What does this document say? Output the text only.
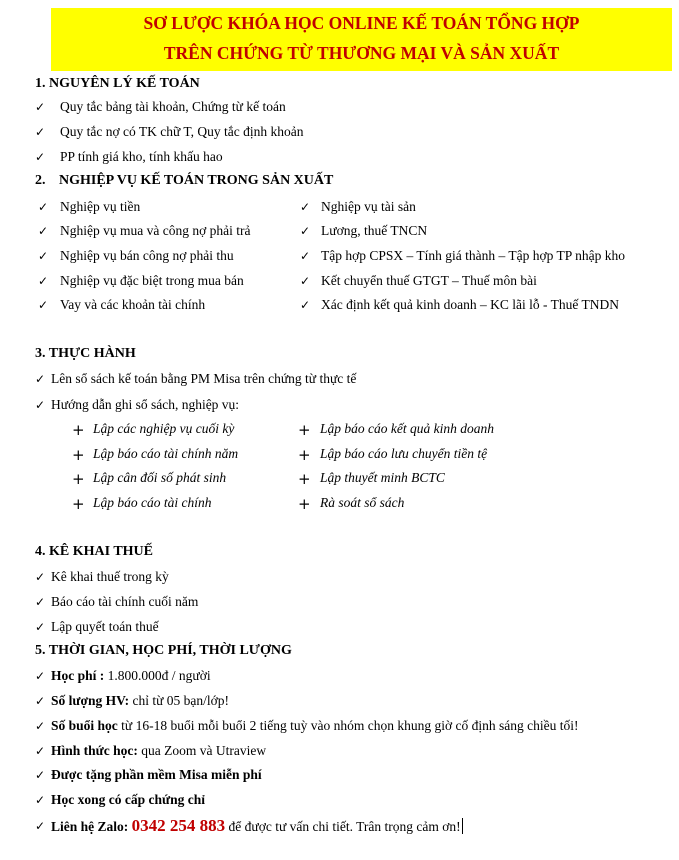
SƠ LƯỢC KHÓA HỌC ONLINE KẾ TOÁN TỔNG HỢP
TRÊN CHỨNG TỪ THƯƠNG MẠI VÀ SẢN XUẤT
1. NGUYÊN LÝ KẾ TOÁN
✓ Quy tắc bảng tài khoản, Chứng từ kế toán
✓ Quy tắc nợ có TK chữ T, Quy tắc định khoản
✓ PP tính giá kho, tính khấu hao
2. NGHIỆP VỤ KẾ TOÁN TRONG SẢN XUẤT
✓ Nghiệp vụ tiền
✓ Nghiệp vụ mua và công nợ phải trả
✓ Nghiệp vụ bán công nợ phải thu
✓ Nghiệp vụ đặc biệt trong mua bán
✓ Vay và các khoản tài chính
✓ Nghiệp vụ tài sản
✓ Lương, thuế TNCN
✓ Tập hợp CPSX – Tính giá thành – Tập hợp TP nhập kho
✓ Kết chuyển thuế GTGT – Thuế môn bài
✓ Xác định kết quả kinh doanh – KC lãi lỗ - Thuế TNDN
3. THỰC HÀNH
✓ Lên sổ sách kế toán bằng PM Misa trên chứng từ thực tế
✓ Hướng dẫn ghi sổ sách, nghiệp vụ:
+ Lập các nghiệp vụ cuối kỳ
+ Lập báo cáo tài chính năm
+ Lập cân đối số phát sinh
+ Lập báo cáo tài chính
+ Lập báo cáo kết quả kinh doanh
+ Lập báo cáo lưu chuyển tiền tệ
+ Lập thuyết minh BCTC
+ Rà soát sổ sách
4. KÊ KHAI THUẾ
✓ Kê khai thuế trong kỳ
✓ Báo cáo tài chính cuối năm
✓ Lập quyết toán thuế
5. THỜI GIAN, HỌC PHÍ, THỜI LƯỢNG
✓ Học phí : 1.800.000đ / người
✓ Số lượng HV: chỉ từ 05 bạn/lớp!
✓ Số buổi học từ 16-18 buổi mỗi buổi 2 tiếng tuỳ vào nhóm chọn khung giờ cố định sáng chiều tối!
✓ Hình thức học: qua Zoom và Utraview
✓ Được tặng phần mềm Misa miễn phí
✓ Học xong có cấp chứng chỉ
✓ Liên hệ Zalo: 0342 254 883 để được tư vấn chi tiết. Trân trọng cảm ơn!
